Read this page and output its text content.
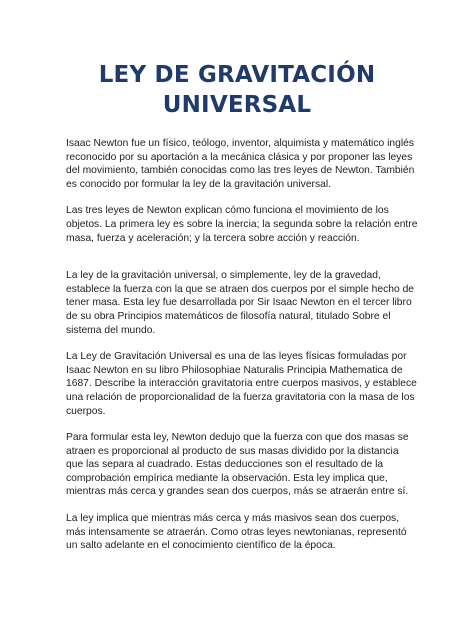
LEY DE GRAVITACIÓN
UNIVERSAL

Isaac Newton fue un físico, teólogo, inventor, alquimista y matemático inglés reconocido por su aportación a la mecánica clásica y por proponer las leyes del movimiento, también conocidas como las tres leyes de Newton. También es conocido por formular la ley de la gravitación universal.

Las tres leyes de Newton explican cómo funciona el movimiento de los objetos. La primera ley es sobre la inercia; la segunda sobre la relación entre masa, fuerza y aceleración; y la tercera sobre acción y reacción.

La ley de la gravitación universal, o simplemente, ley de la gravedad, establece la fuerza con la que se atraen dos cuerpos por el simple hecho de tener masa. Esta ley fue desarrollada por Sir Isaac Newton en el tercer libro de su obra Principios matemáticos de filosofía natural, titulado Sobre el sistema del mundo.

La Ley de Gravitación Universal es una de las leyes físicas formuladas por Isaac Newton en su libro Philosophiae Naturalis Principia Mathematica de 1687. Describe la interacción gravitatoria entre cuerpos masivos, y establece una relación de proporcionalidad de la fuerza gravitatoria con la masa de los cuerpos.

Para formular esta ley, Newton dedujo que la fuerza con que dos masas se atraen es proporcional al producto de sus masas dividido por la distancia que las separa al cuadrado. Estas deducciones son el resultado de la comprobación empírica mediante la observación. Esta ley implica que, mientras más cerca y grandes sean dos cuerpos, más se atraerán entre sí.

La ley implica que mientras más cerca y más masivos sean dos cuerpos, más intensamente se atraerán. Como otras leyes newtonianas, representó un salto adelante en el conocimiento científico de la época.
